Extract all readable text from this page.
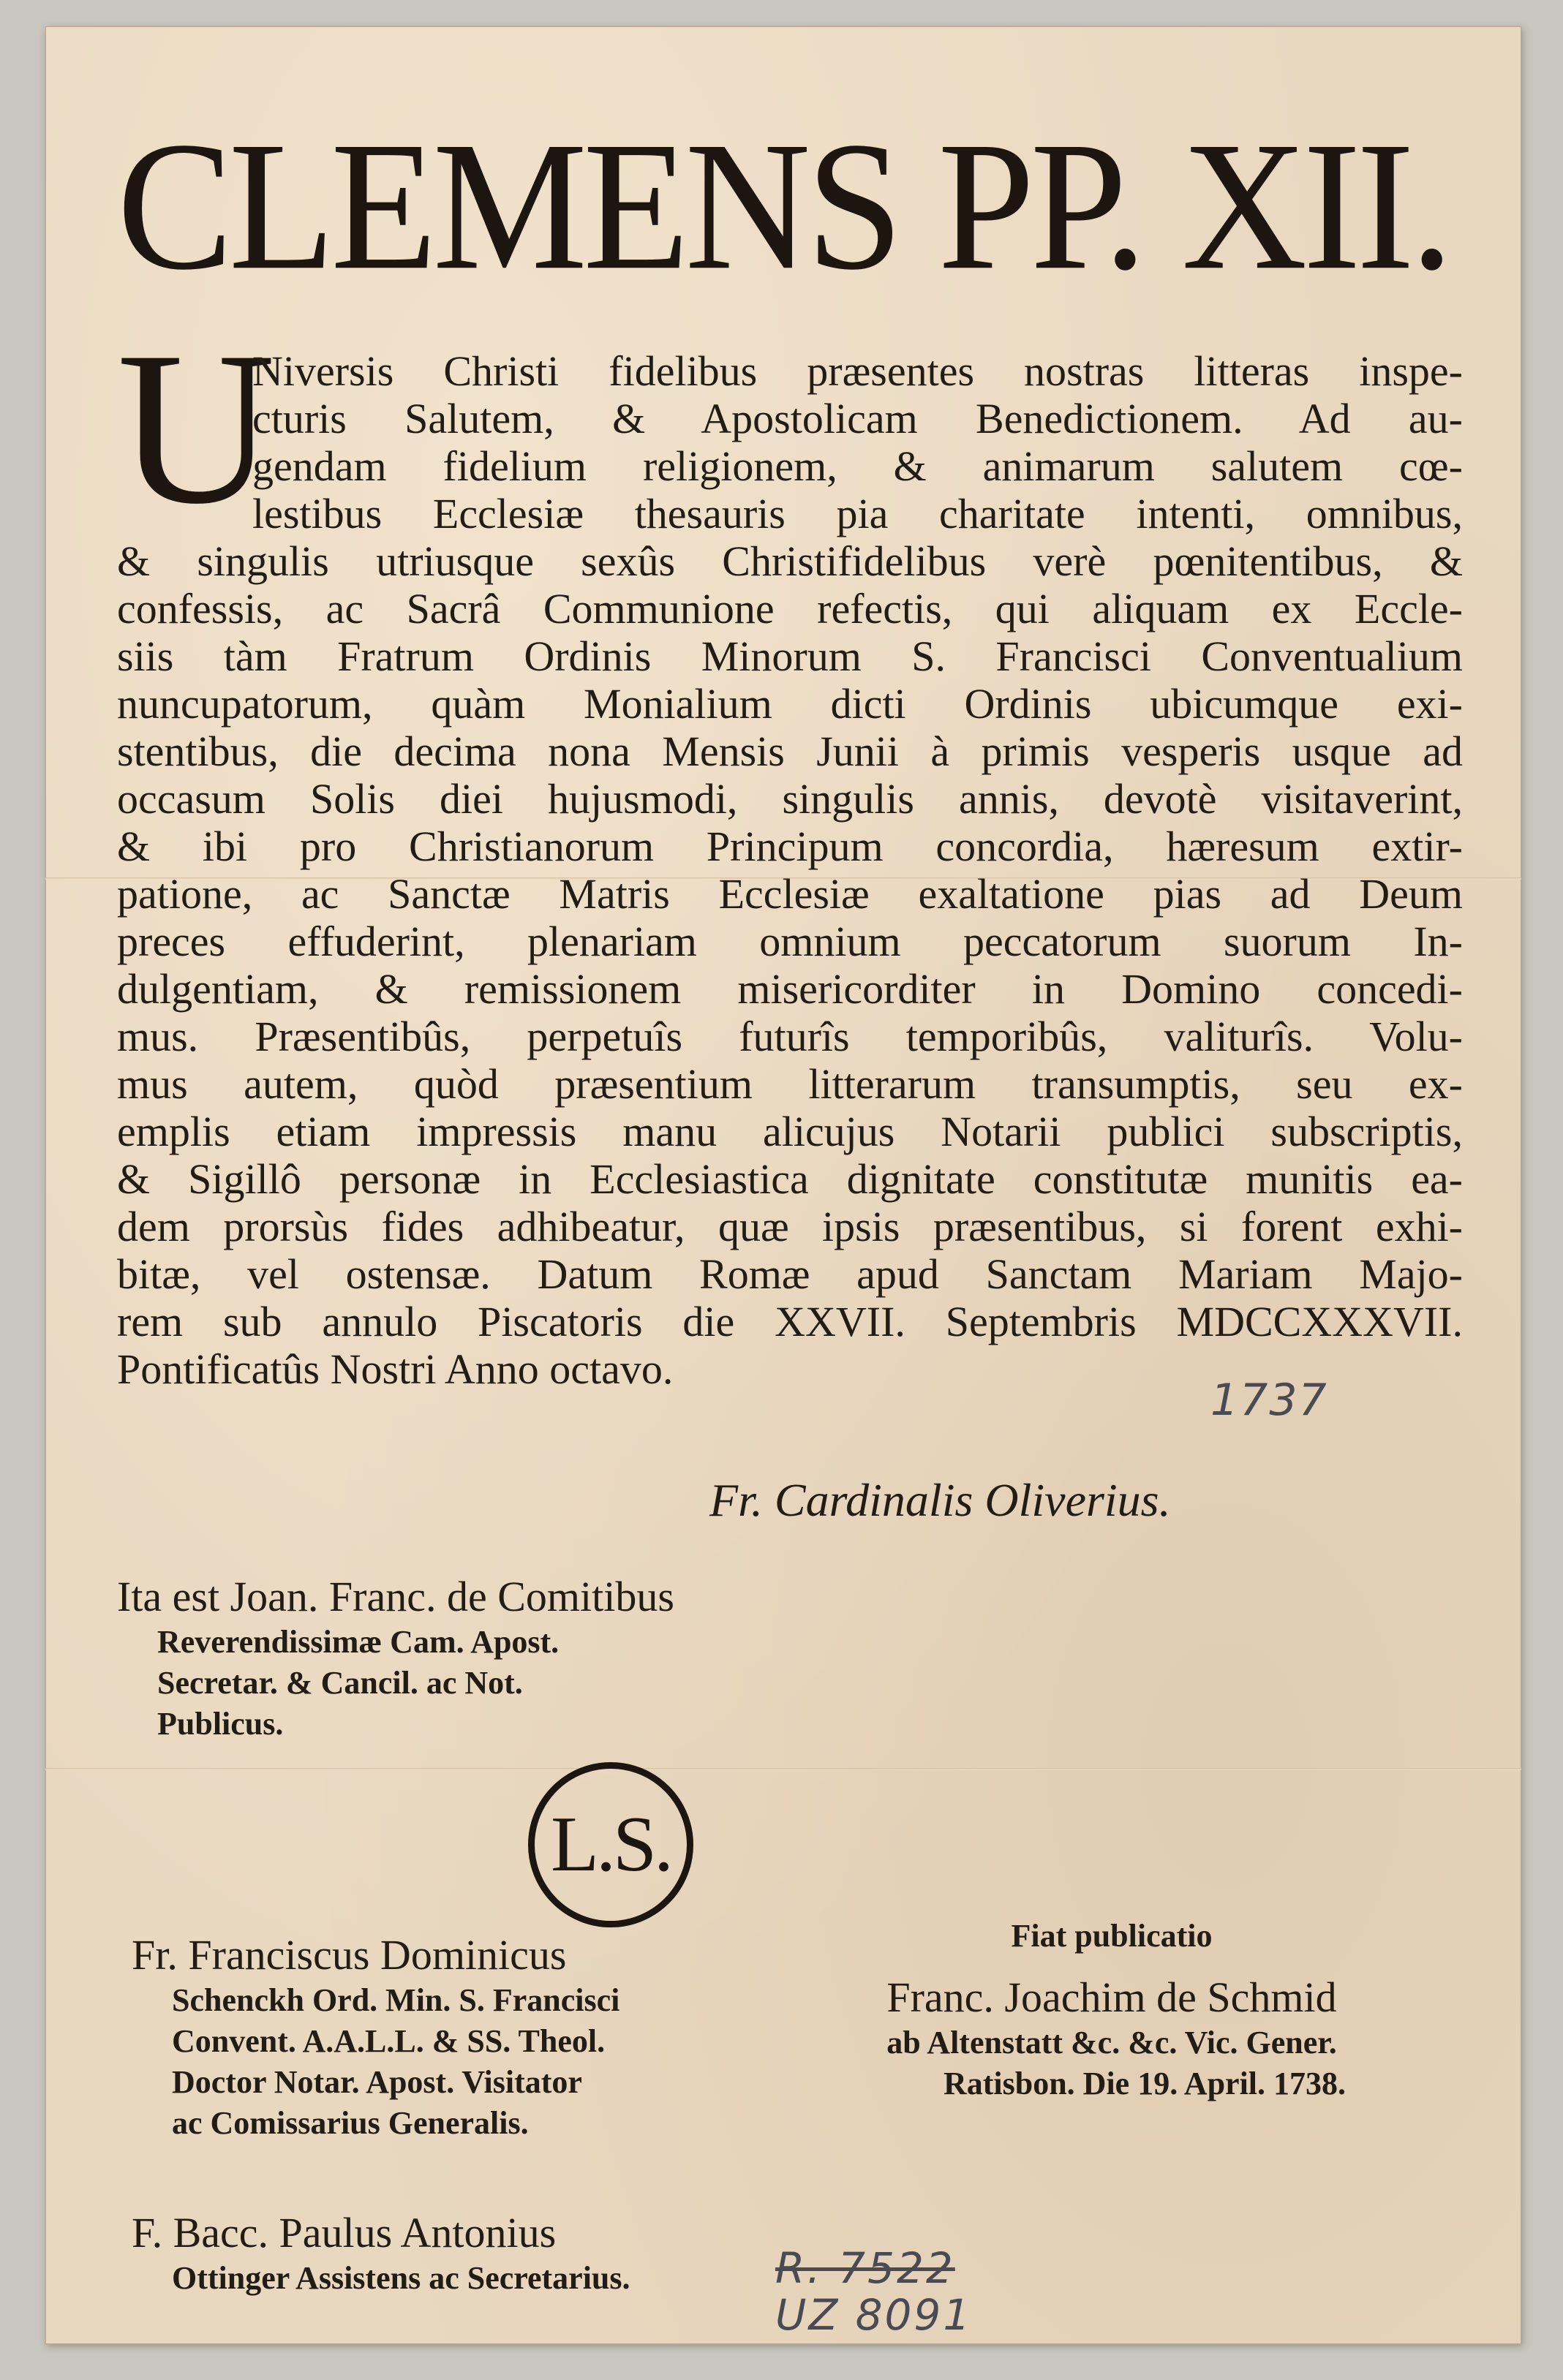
CLEMENS PP. XII.
U
Niversis Christi fidelibus præsentes nostras litteras inspe-
cturis Salutem, & Apostolicam Benedictionem. Ad au-
gendam fidelium religionem, & animarum salutem cœ-
lestibus Ecclesiæ thesauris pia charitate intenti, omnibus,
& singulis utriusque sexûs Christifidelibus verè pœnitentibus, &
confessis, ac Sacrâ Communione refectis, qui aliquam ex Eccle-
siis tàm Fratrum Ordinis Minorum S. Francisci Conventualium
nuncupatorum, quàm Monialium dicti Ordinis ubicumque exi-
stentibus, die decima nona Mensis Junii à primis vesperis usque ad
occasum Solis diei hujusmodi, singulis annis, devotè visitaverint,
& ibi pro Christianorum Principum concordia, hæresum extir-
patione, ac Sanctæ Matris Ecclesiæ exaltatione pias ad Deum
preces effuderint, plenariam omnium peccatorum suorum In-
dulgentiam, & remissionem misericorditer in Domino concedi-
mus. Præsentibûs, perpetuîs futurîs temporibûs, valiturîs. Volu-
mus autem, quòd præsentium litterarum transumptis, seu ex-
emplis etiam impressis manu alicujus Notarii publici subscriptis,
& Sigillô personæ in Ecclesiastica dignitate constitutæ munitis ea-
dem prorsùs fides adhibeatur, quæ ipsis præsentibus, si forent exhi-
bitæ, vel ostensæ. Datum Romæ apud Sanctam Mariam Majo-
rem sub annulo Piscatoris die XXVII. Septembris MDCCXXXVII.
Pontificatûs Nostri Anno octavo.
1737
Fr. Cardinalis Oliverius.
Ita est Joan. Franc. de Comitibus
Reverendissimæ Cam. Apost.
Secretar. & Cancil. ac Not.
Publicus.
L.S.
Fr. Franciscus Dominicus
Schenckh Ord. Min. S. Francisci
Convent. A.A.L.L. & SS. Theol.
Doctor Notar. Apost. Visitator
ac Comissarius Generalis.
Fiat publicatio
Franc. Joachim de Schmid
ab Altenstatt &c. &c. Vic. Gener.
Ratisbon. Die 19. April. 1738.
F. Bacc. Paulus Antonius
Ottinger Assistens ac Secretarius.	R. 7522
UZ 8091
